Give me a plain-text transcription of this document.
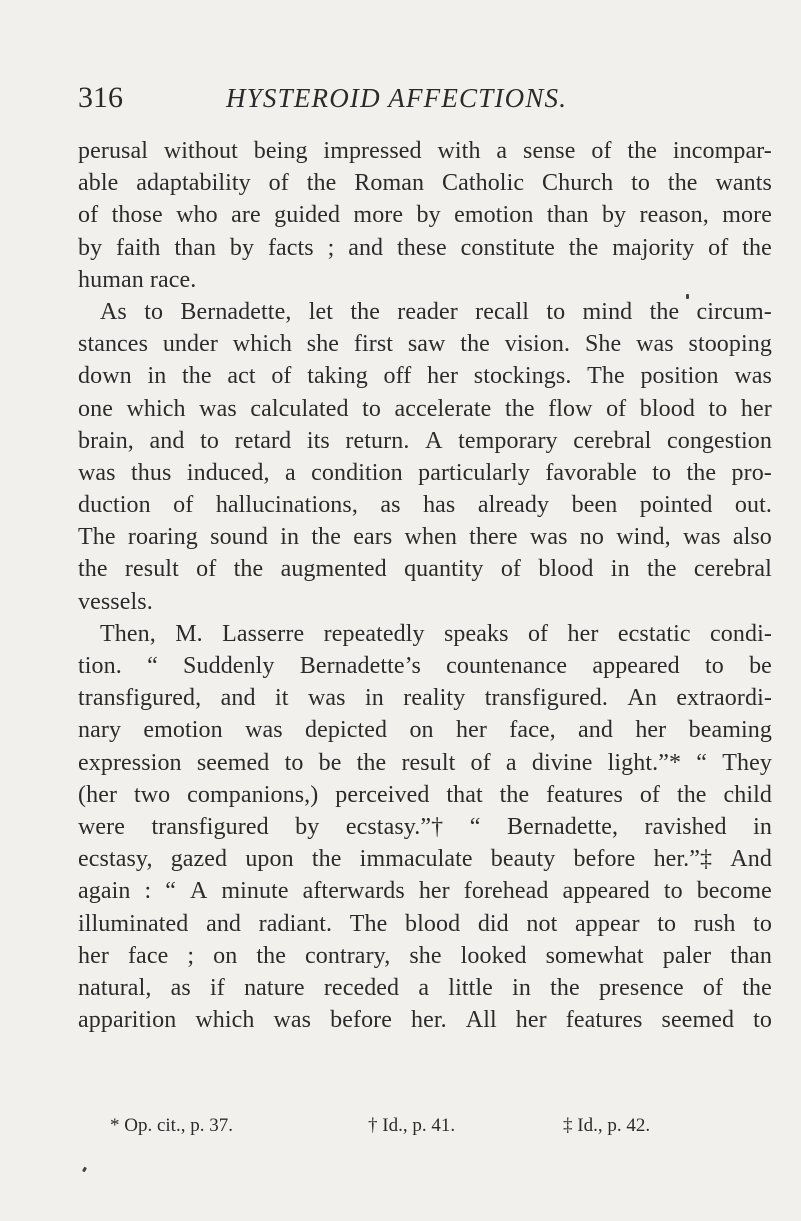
316	HYSTEROID AFFECTIONS.
perusal without being impressed with a sense of the incompar-
able adaptability of the Roman Catholic Church to the wants
of those who are guided more by emotion than by reason, more
by faith than by facts ; and these constitute the majority of the
human race.
As to Bernadette, let the reader recall to mind the circum-
stances under which she first saw the vision. She was stooping
down in the act of taking off her stockings. The position was
one which was calculated to accelerate the flow of blood to her
brain, and to retard its return. A temporary cerebral congestion
was thus induced, a condition particularly favorable to the pro-
duction of hallucinations, as has already been pointed out.
The roaring sound in the ears when there was no wind, was also
the result of the augmented quantity of blood in the cerebral
vessels.
Then, M. Lasserre repeatedly speaks of her ecstatic condi-
tion. “ Suddenly Bernadette’s countenance appeared to be
transfigured, and it was in reality transfigured. An extraordi-
nary emotion was depicted on her face, and her beaming
expression seemed to be the result of a divine light.”* “ They
(her two companions,) perceived that the features of the child
were transfigured by ecstasy.”† “ Bernadette, ravished in
ecstasy, gazed upon the immaculate beauty before her.”‡ And
again : “ A minute afterwards her forehead appeared to become
illuminated and radiant. The blood did not appear to rush to
her face ; on the contrary, she looked somewhat paler than
natural, as if nature receded a little in the presence of the
apparition which was before her. All her features seemed to
* Op. cit., p. 37.	† Id., p. 41.	‡ Id., p. 42.
